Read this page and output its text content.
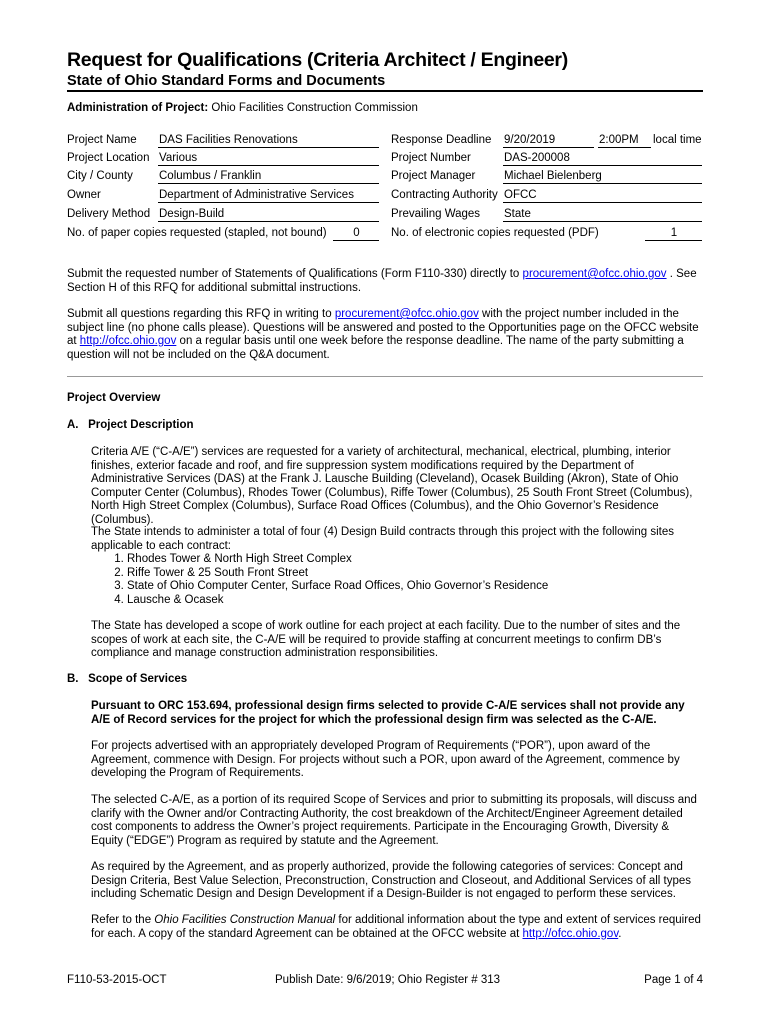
Request for Qualifications (Criteria Architect / Engineer)
State of Ohio Standard Forms and Documents
Administration of Project: Ohio Facilities Construction Commission
Project Name DAS Facilities Renovations	Response Deadline 9/20/2019	2:00PM	local time
Project Location Various	Project Number	DAS-200008
City / County Columbus / Franklin	Project Manager Michael Bielenberg
Owner	Department of Administrative Services	Contracting Authority OFCC
Delivery Method Design-Build	Prevailing Wages State
No. of paper copies requested (stapled, not bound)	0	No. of electronic copies requested (PDF)	1
Submit the requested number of Statements of Qualifications (Form F110-330) directly to procurement@ofcc.ohio.gov . See Section H of this RFQ for additional submittal instructions.
Submit all questions regarding this RFQ in writing to procurement@ofcc.ohio.gov with the project number included in the subject line (no phone calls please). Questions will be answered and posted to the Opportunities page on the OFCC website at http://ofcc.ohio.gov on a regular basis until one week before the response deadline. The name of the party submitting a question will not be included on the Q&A document.
Project Overview
A.   Project Description
Criteria A/E (“C-A/E”) services are requested for a variety of architectural, mechanical, electrical, plumbing, interior finishes, exterior facade and roof, and fire suppression system modifications required by the Department of Administrative Services (DAS) at the Frank J. Lausche Building (Cleveland), Ocasek Building (Akron), State of Ohio Computer Center (Columbus), Rhodes Tower (Columbus), Riffe Tower (Columbus), 25 South Front Street (Columbus), North High Street Complex (Columbus), Surface Road Offices (Columbus), and the Ohio Governor’s Residence (Columbus).
The State intends to administer a total of four (4) Design Build contracts through this project with the following sites applicable to each contract:
1. Rhodes Tower & North High Street Complex
2. Riffe Tower & 25 South Front Street
3. State of Ohio Computer Center, Surface Road Offices, Ohio Governor’s Residence
4. Lausche & Ocasek
The State has developed a scope of work outline for each project at each facility. Due to the number of sites and the scopes of work at each site, the C-A/E will be required to provide staffing at concurrent meetings to confirm DB’s compliance and manage construction administration responsibilities.
B.   Scope of Services
Pursuant to ORC 153.694, professional design firms selected to provide C-A/E services shall not provide any A/E of Record services for the project for which the professional design firm was selected as the C-A/E.
For projects advertised with an appropriately developed Program of Requirements (“POR”), upon award of the Agreement, commence with Design. For projects without such a POR, upon award of the Agreement, commence by developing the Program of Requirements.
The selected C-A/E, as a portion of its required Scope of Services and prior to submitting its proposals, will discuss and clarify with the Owner and/or Contracting Authority, the cost breakdown of the Architect/Engineer Agreement detailed cost components to address the Owner’s project requirements. Participate in the Encouraging Growth, Diversity & Equity (“EDGE”) Program as required by statute and the Agreement.
As required by the Agreement, and as properly authorized, provide the following categories of services: Concept and Design Criteria, Best Value Selection, Preconstruction, Construction and Closeout, and Additional Services of all types including Schematic Design and Design Development if a Design-Builder is not engaged to perform these services.
Refer to the Ohio Facilities Construction Manual for additional information about the type and extent of services required for each. A copy of the standard Agreement can be obtained at the OFCC website at http://ofcc.ohio.gov.
F110-53-2015-OCT	Publish Date: 9/6/2019; Ohio Register # 313	Page 1 of 4
